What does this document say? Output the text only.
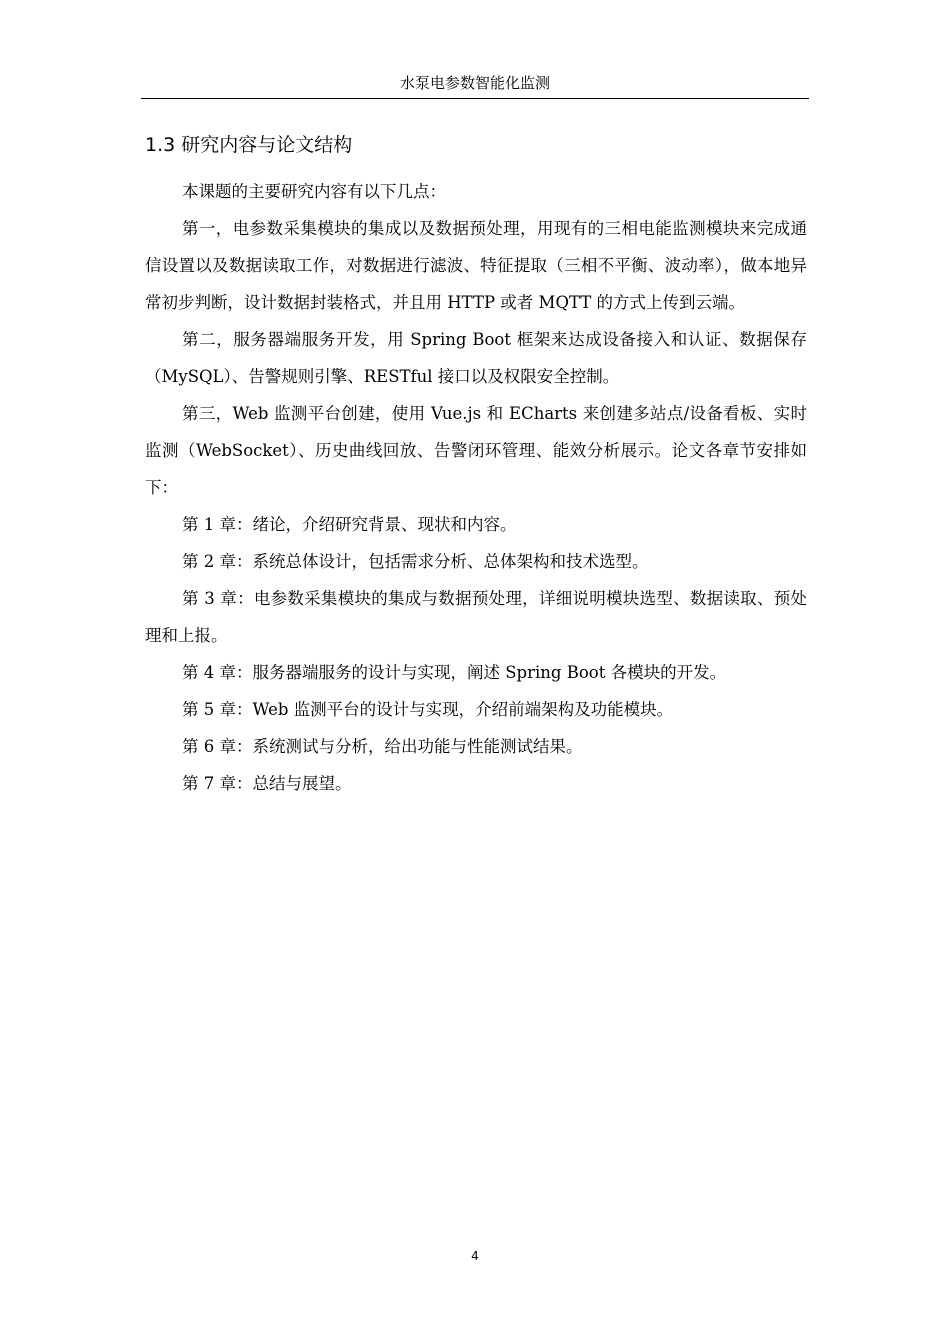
水泵电参数智能化监测
1.3 研究内容与论文结构

本课题的主要研究内容有以下几点：

第一，电参数采集模块的集成以及数据预处理，用现有的三相电能监测模块来完成通信设置以及数据读取工作，对数据进行滤波、特征提取（三相不平衡、波动率），做本地异常初步判断，设计数据封装格式，并且用 HTTP 或者 MQTT 的方式上传到云端。

第二，服务器端服务开发，用 Spring Boot 框架来达成设备接入和认证、数据保存（MySQL）、告警规则引擎、RESTful 接口以及权限安全控制。

第三，Web 监测平台创建，使用 Vue.js 和 ECharts 来创建多站点/设备看板、实时监测（WebSocket）、历史曲线回放、告警闭环管理、能效分析展示。论文各章节安排如下：

第 1 章：绪论，介绍研究背景、现状和内容。

第 2 章：系统总体设计，包括需求分析、总体架构和技术选型。

第 3 章：电参数采集模块的集成与数据预处理，详细说明模块选型、数据读取、预处理和上报。

第 4 章：服务器端服务的设计与实现，阐述 Spring Boot 各模块的开发。

第 5 章：Web 监测平台的设计与实现，介绍前端架构及功能模块。

第 6 章：系统测试与分析，给出功能与性能测试结果。

第 7 章：总结与展望。

4
